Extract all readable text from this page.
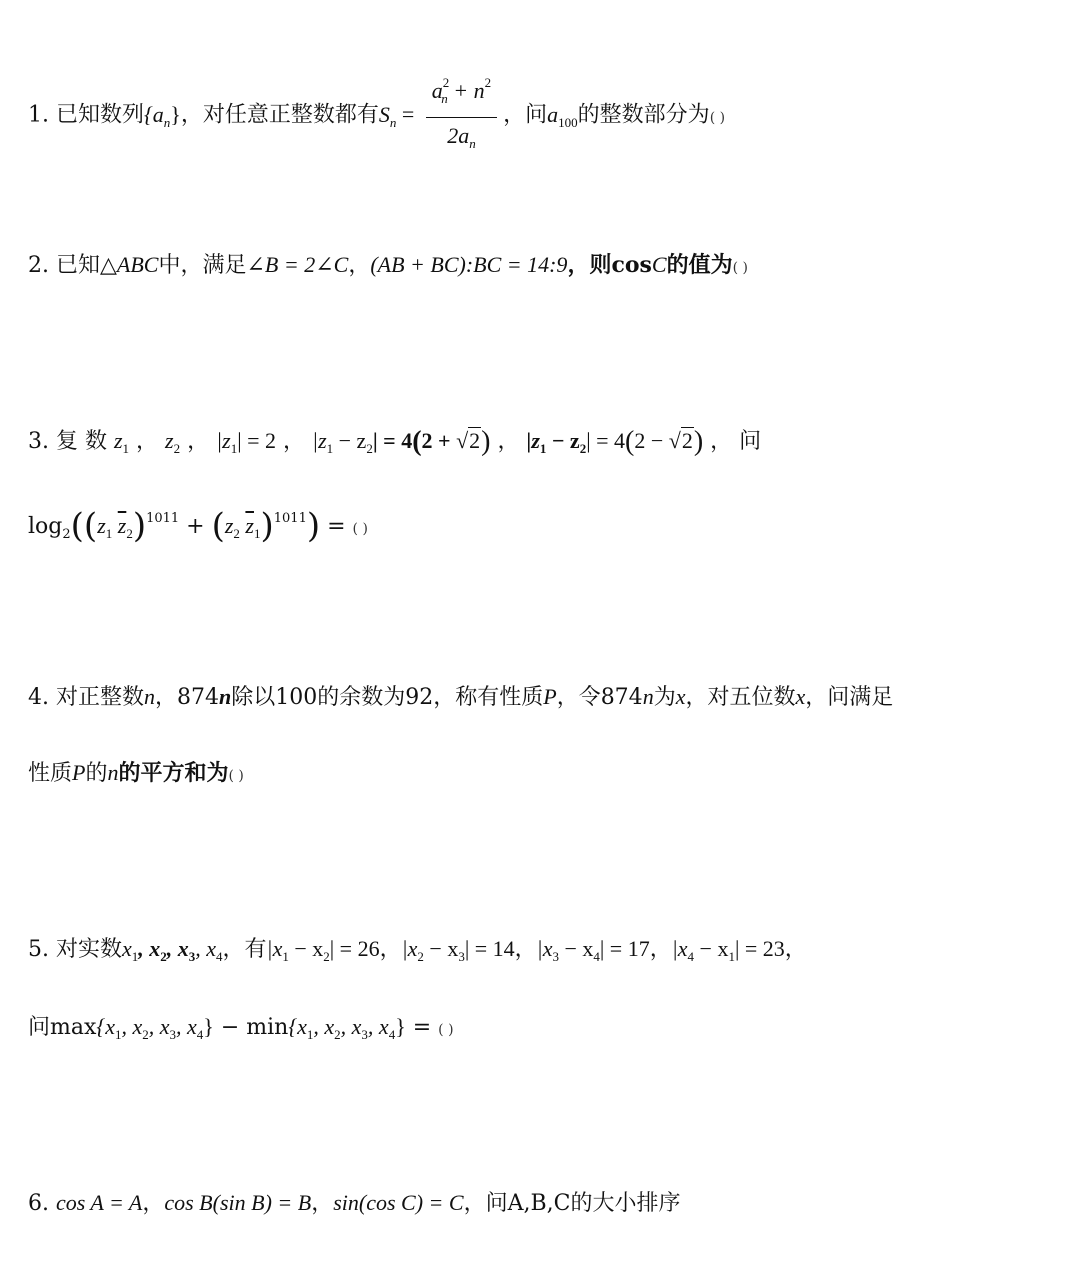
1. 已知数列$\{a_n\}$，对任意正整数都有$S_n = \frac{a^2_n + n^2}{2a_n}$ ，问$a_{100}$的整数部分为( )
2. 已知△ABC中，满足∠B = 2∠C，(AB + BC):BC = 14:9，则cosC的值为( )
3. 复 数 $z_1$ ， $z_2$ ， $|z_1| = 2$ ， $|z_1 - z_2| = 4(2 + √2)$ ， $|z_1 - z_2| = 4(2 - √2)$ ， 问
$\log_2((z_1$ $\overline{z}_2)^{1011} + (z_2$ $\overline{z}_1)^{1011}$) = ( )
4. 对正整数n，874n除以100的余数为92，称有性质P，令874n为x，对五位数x，问满足
性质P的n的平方和为( )
5. 对实数$x_1$, $x_2$, $x_3$, $x_4$，有$|x_1 - x_2| = 26$，$|x_2 - x_3| = 14$，$|x_3 - x_4| = 17$，$|x_4 - x_1| = 23$，
问$\max\{x_1$, $x_2$, $x_3$, $x_4\} - \min\{x_1$, $x_2$, $x_3$, $x_4$} = ( )
6. cos A = A，cos B(sin B) = B，sin(cos C) = C，问A,B,C的大小排序
